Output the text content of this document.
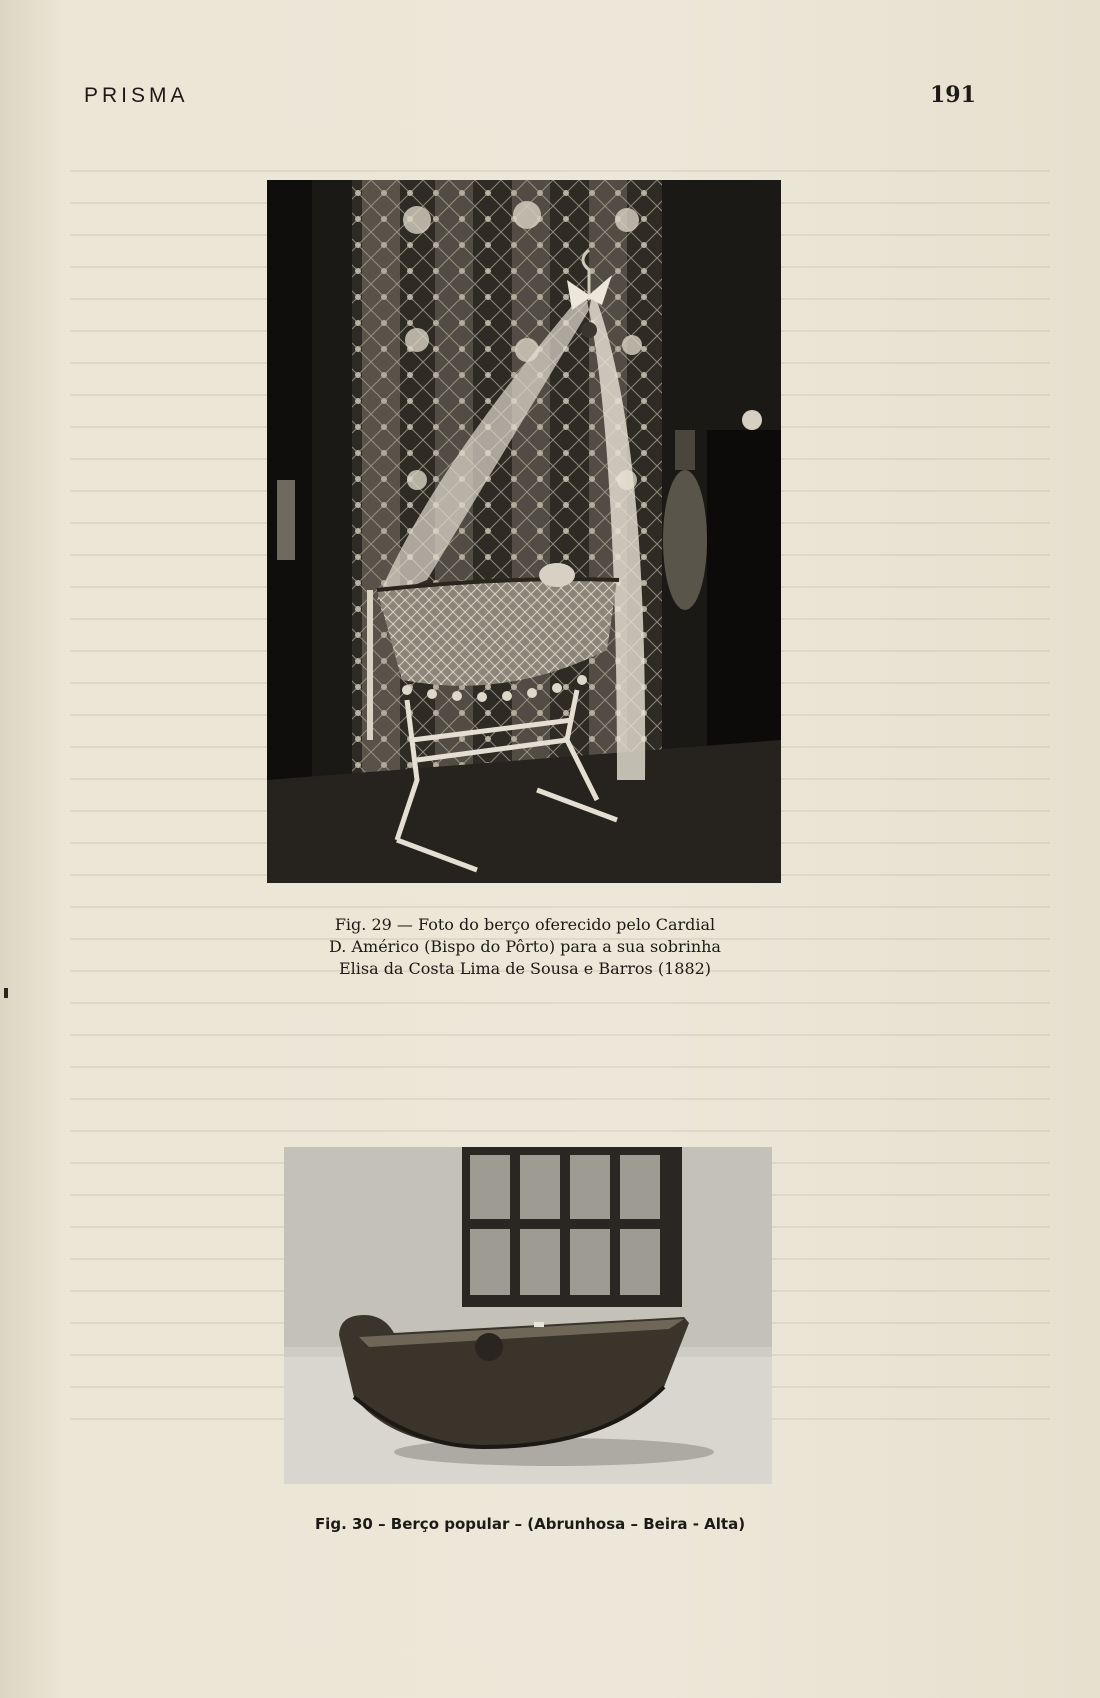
PRISMA	191
Fig. 29 — Foto do berço oferecido pelo Cardial
D. Américo (Bispo do Pôrto) para a sua sobrinha
Elisa da Costa Lima de Sousa e Barros (1882)
Fig. 30 – Berço popular – (Abrunhosa – Beira - Alta)
